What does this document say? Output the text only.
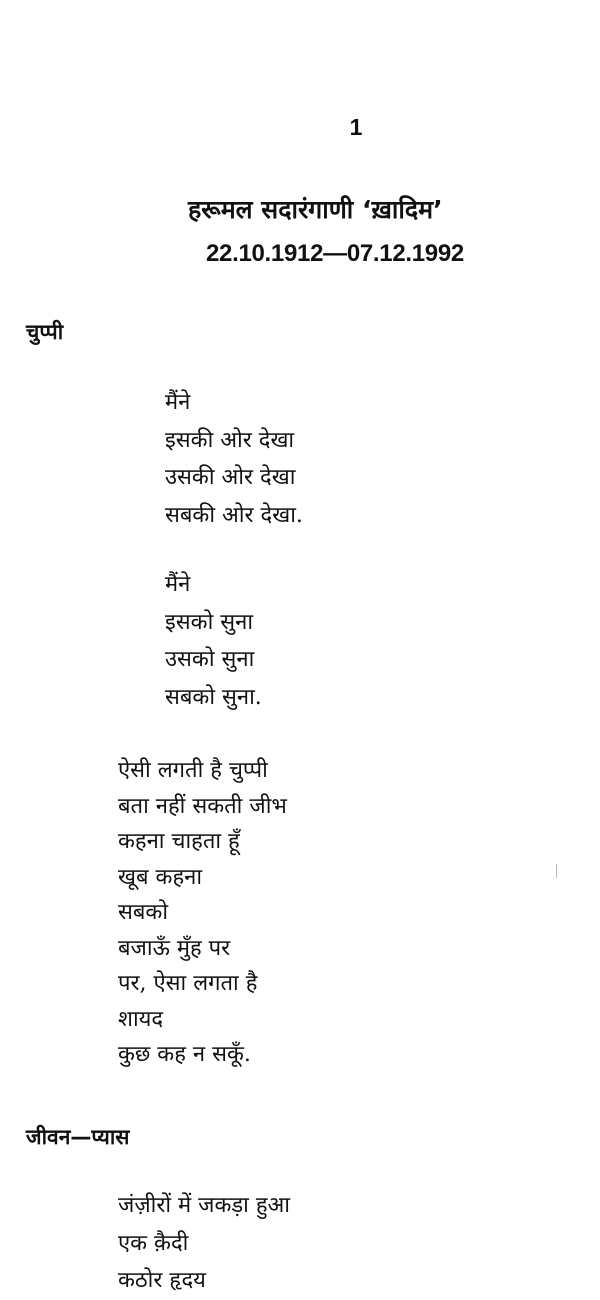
1
हरूमल सदारंगाणी ‘ख़ादिम’
22.10.1912—07.12.1992
चुप्पी
मैंने
इसकी ओर देखा
उसकी ओर देखा
सबकी ओर देखा.
मैंने
इसको सुना
उसको सुना
सबको सुना.
ऐसी लगती है चुप्पी
बता नहीं सकती जीभ
कहना चाहता हूँ
खूब कहना
सबको
बजाऊँ मुँह पर
पर, ऐसा लगता है
शायद
कुछ कह न सकूँ.
जीवन—प्यास
जंज़ीरों में जकड़ा हुआ
एक क़ैदी
कठोर हृदय
